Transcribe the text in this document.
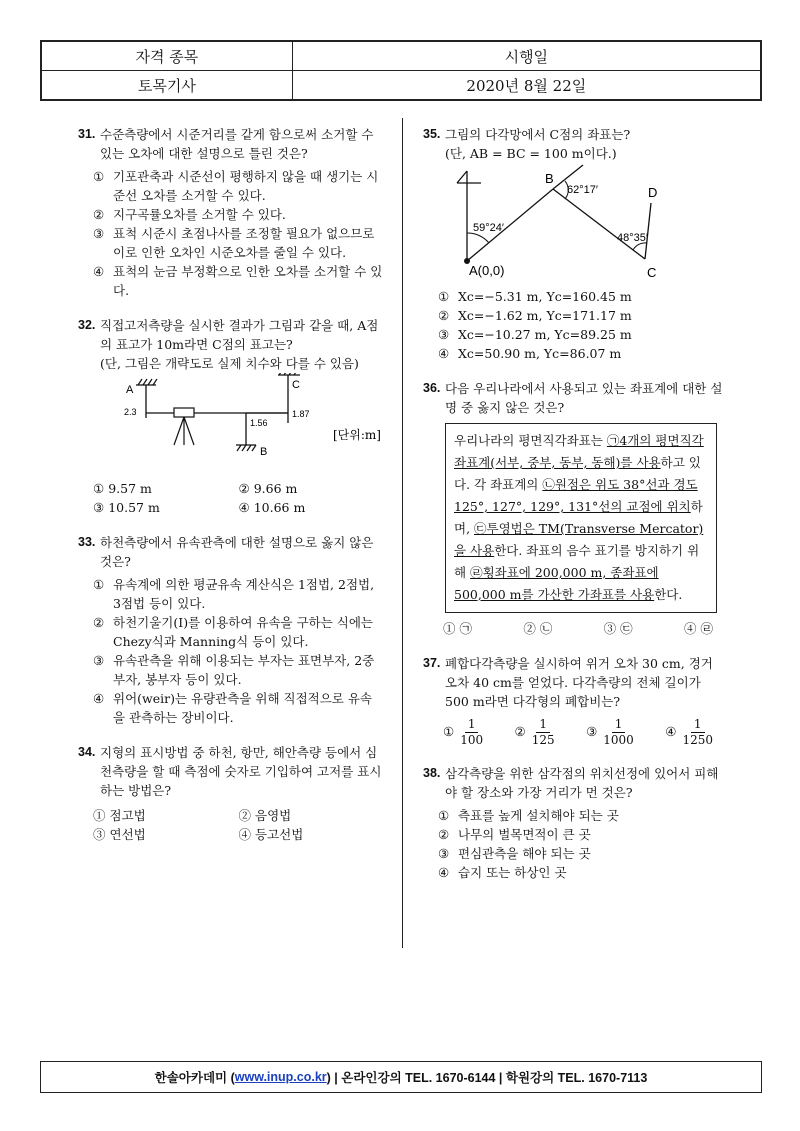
자격 종목	시행일
토목기사	2020년 8월 22일
31. 수준측량에서 시준거리를 같게 함으로써 소거할 수 있는 오차에 대한 설명으로 틀린 것은?
① 기포관축과 시준선이 평행하지 않을 때 생기는 시준선 오차를 소거할 수 있다.
② 지구곡률오차를 소거할 수 있다.
③ 표척 시준시 초점나사를 조정할 필요가 없으므로 이로 인한 오차인 시준오차를 줄일 수 있다.
④ 표척의 눈금 부정확으로 인한 오차를 소거할 수 있다.
32. 직접고저측량을 실시한 결과가 그림과 같을 때, A점의 표고가 10m라면 C점의 표고는?
(단, 그림은 개략도로 실제 치수와 다를 수 있음)
A
2.3
1.56
B
C
1.87
[단위:m]
① 9.57 m	② 9.66 m
③ 10.57 m	④ 10.66 m
33. 하천측량에서 유속관측에 대한 설명으로 옳지 않은 것은?
① 유속계에 의한 평균유속 계산식은 1점법, 2점법, 3점법 등이 있다.
② 하천기울기(I)를 이용하여 유속을 구하는 식에는 Chezy식과 Manning식 등이 있다.
③ 유속관측을 위해 이용되는 부자는 표면부자, 2중부자, 봉부자 등이 있다.
④ 위어(weir)는 유량관측을 위해 직접적으로 유속을 관측하는 장비이다.
34. 지형의 표시방법 중 하천, 항만, 해안측량 등에서 심천측량을 할 때 측점에 숫자로 기입하여 고저를 표시하는 방법은?
① 점고법	② 음영법
③ 연선법	④ 등고선법
35. 그림의 다각망에서 C점의 좌표는?
(단, AB = BC = 100 m이다.)
A(0,0)
B
C
D
59°24′
62°17′
48°35′
① Xc=−5.31 m, Yc=160.45 m
② Xc=−1.62 m, Yc=171.17 m
③ Xc=−10.27 m, Yc=89.25 m
④ Xc=50.90 m, Yc=86.07 m
36. 다음 우리나라에서 사용되고 있는 좌표계에 대한 설명 중 옳지 않은 것은?
우리나라의 평면직각좌표는 ㉠4개의 평면직각좌표계(서부, 중부, 동부, 동해)를 사용하고 있다. 각 좌표계의 ㉡원점은 위도 38°선과 경도 125°, 127°, 129°, 131°선의 교점에 위치하며, ㉢투영법은 TM(Transverse Mercator)을 사용한다. 좌표의 음수 표기를 방지하기 위해 ㉣횡좌표에 200,000 m, 종좌표에 500,000 m를 가산한 가좌표를 사용한다.
① ㉠	② ㉡	③ ㉢	④ ㉣
37. 폐합다각측량을 실시하여 위거 오차 30 cm, 경거 오차 40 cm를 얻었다. 다각측량의 전체 길이가 500 m라면 다각형의 폐합비는?
① $\frac{1}{100}$	② $\frac{1}{125}$	③ $\frac{1}{1000}$	④ $\frac{1}{1250}$
38. 삼각측량을 위한 삼각점의 위치선정에 있어서 피해야 할 장소와 가장 거리가 먼 것은?
① 측표를 높게 설치해야 되는 곳
② 나무의 벌목면적이 큰 곳
③ 편심관측을 해야 되는 곳
④ 습지 또는 하상인 곳
한솔아카데미 ( www.inup.co.kr ) | 온라인강의 TEL. 1670-6144 | 학원강의 TEL. 1670-7113
